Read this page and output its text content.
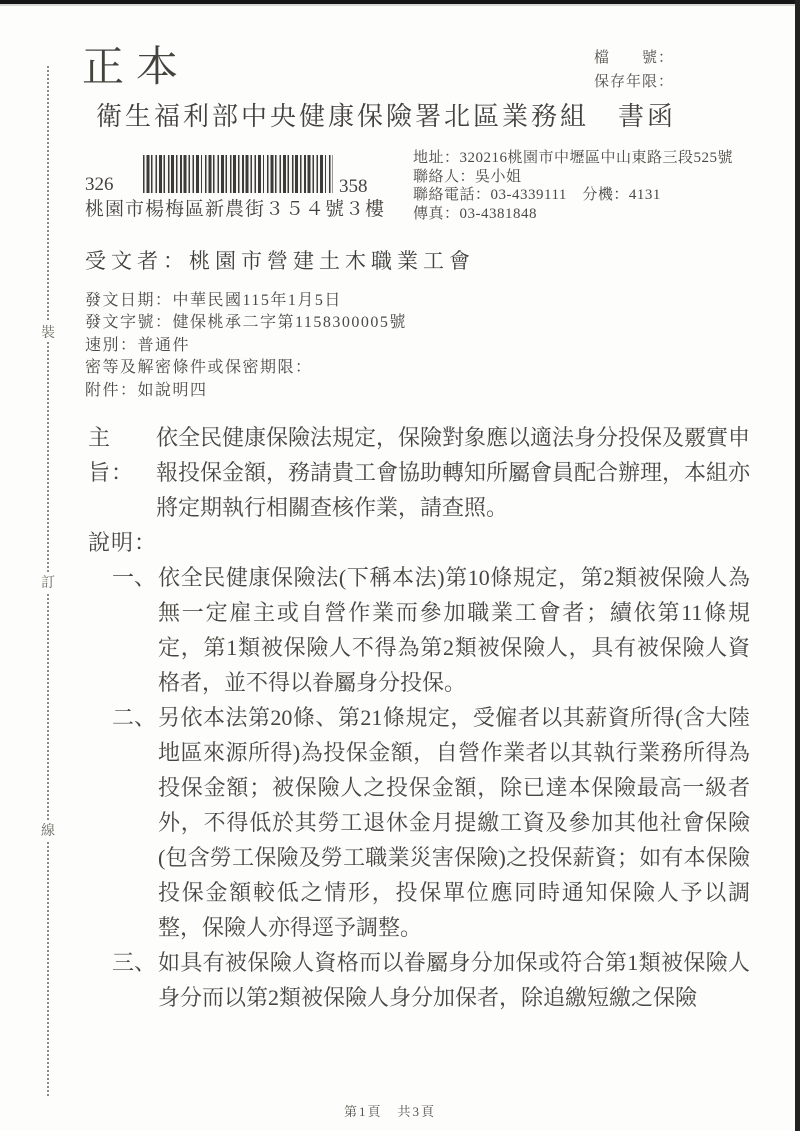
裝
訂
線
正本	檔　　號：
保存年限：
衛生福利部中央健康保險署北區業務組　書函
326	358
桃園市楊梅區新農街３５４號３樓
地址：320216桃園市中壢區中山東路三段525號
聯絡人：吳小姐
聯絡電話：03-4339111　分機：4131
傳真：03-4381848
受文者：桃園市營建土木職業工會
發文日期：中華民國115年1月5日
發文字號：健保桃承二字第1158300005號
速別：普通件
密等及解密條件或保密期限：
附件：如說明四
主旨：
依全民健康保險法規定，保險對象應以適法身分投保及覈實申報投保金額，務請貴工會協助轉知所屬會員配合辦理，本組亦將定期執行相關查核作業，請查照。
說明：
一、 依全民健康保險法(下稱本法)第10條規定，第2類被保險人為無一定雇主或自營作業而參加職業工會者；續依第11條規定，第1類被保險人不得為第2類被保險人，具有被保險人資格者，並不得以眷屬身分投保。
二、 另依本法第20條、第21條規定，受僱者以其薪資所得(含大陸地區來源所得)為投保金額，自營作業者以其執行業務所得為投保金額；被保險人之投保金額，除已達本保險最高一級者外，不得低於其勞工退休金月提繳工資及參加其他社會保險(包含勞工保險及勞工職業災害保險)之投保薪資；如有本保險投保金額較低之情形，投保單位應同時通知保險人予以調整，保險人亦得逕予調整。
三、 如具有被保險人資格而以眷屬身分加保或符合第1類被保險人身分而以第2類被保險人身分加保者，除追繳短繳之保險
第1頁　共3頁
